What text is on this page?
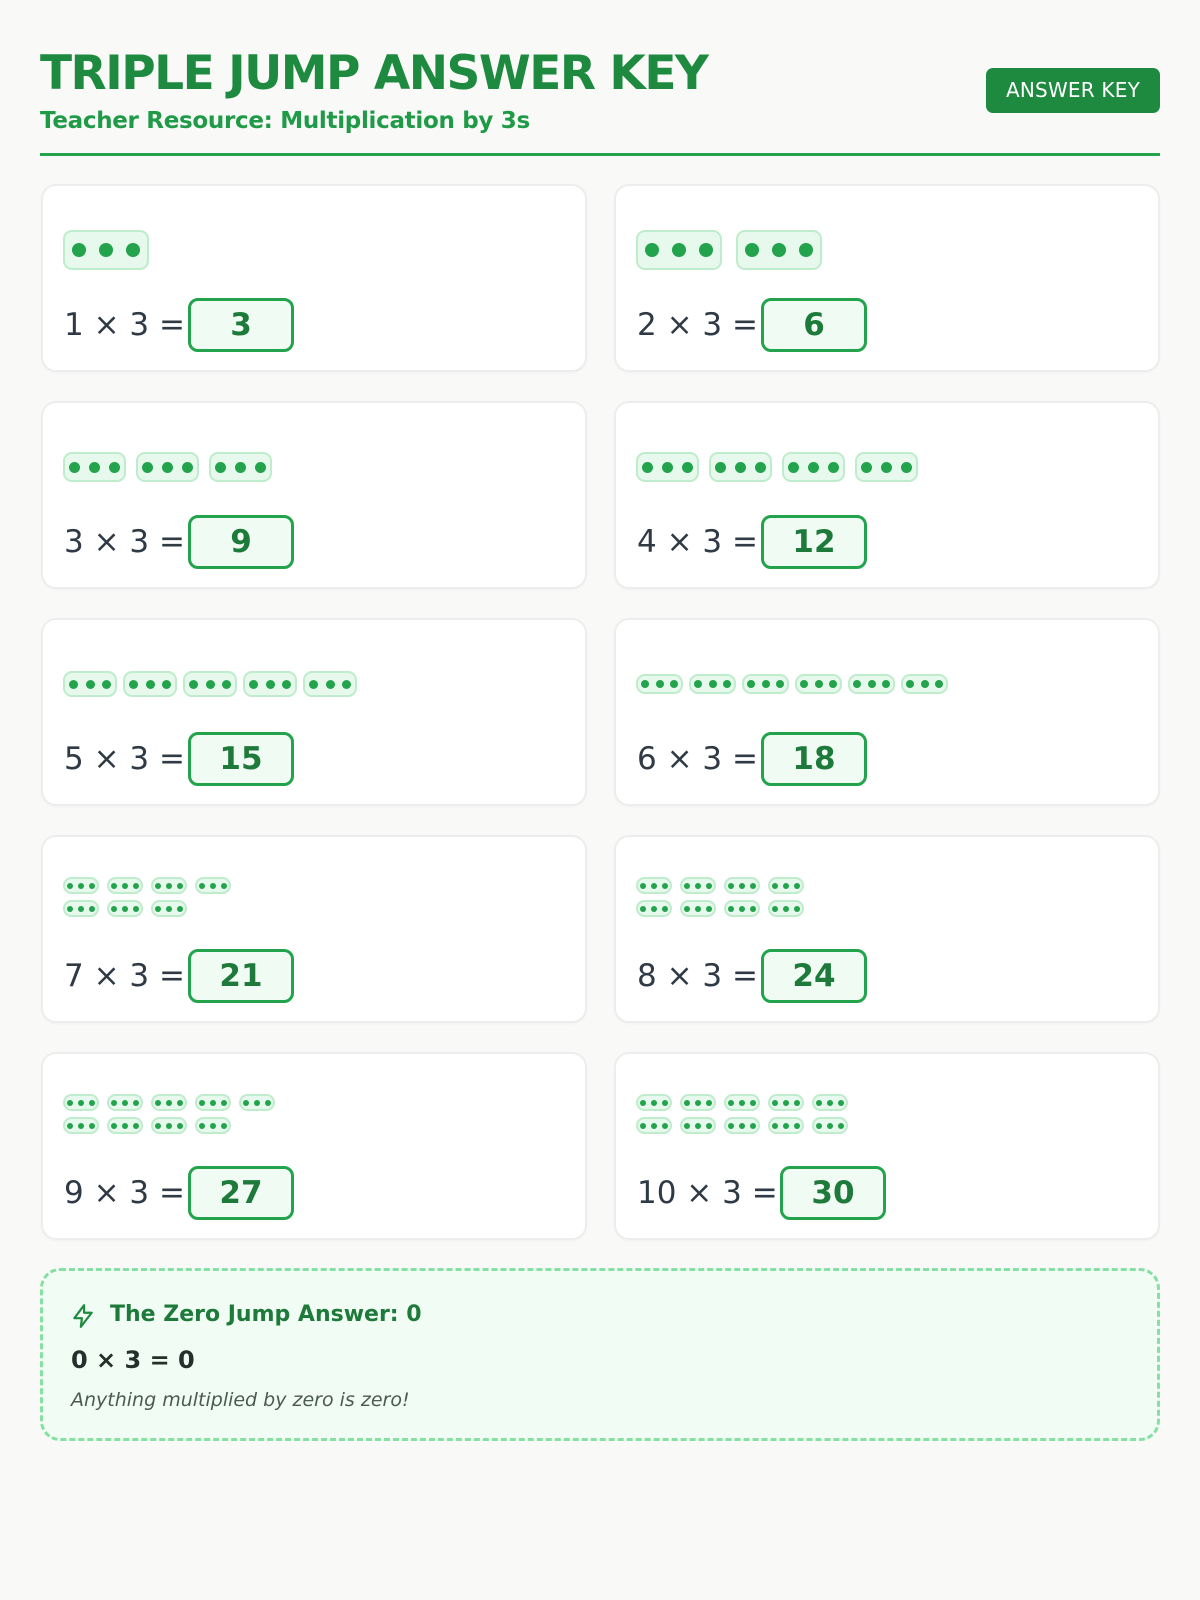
TRIPLE JUMP ANSWER KEY
Teacher Resource: Multiplication by 3s
ANSWER KEY
1 × 3 =	3	2 × 3 =	6
3 × 3 =	9	4 × 3 =	12
5 × 3 =	15	6 × 3 =	18
7 × 3 =	21	8 × 3 =	24
9 × 3 =	27	10 × 3 =	30
The Zero Jump Answer: 0
0 × 3 = 0
Anything multiplied by zero is zero!
